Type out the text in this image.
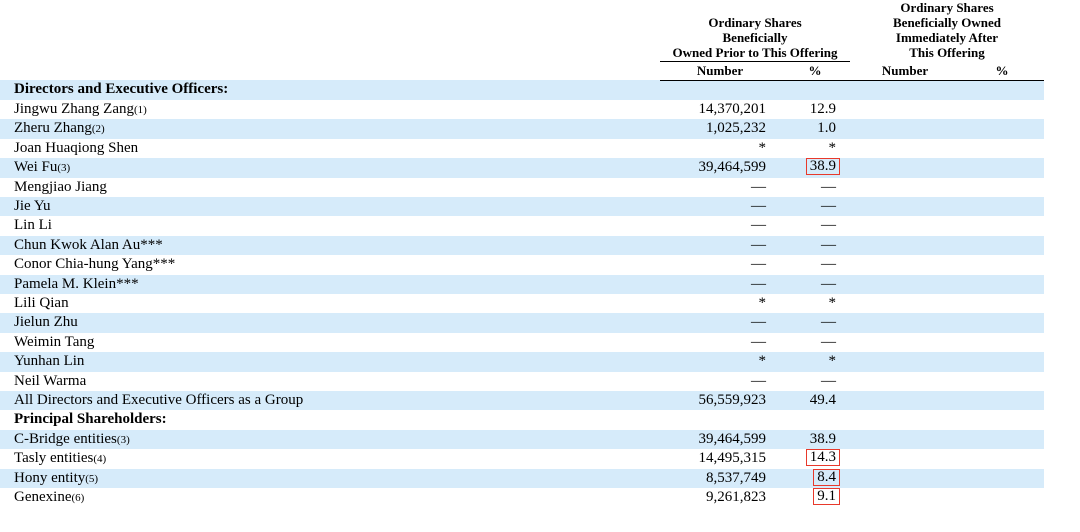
Ordinary Shares
Beneficially
Owned Prior to This Offering

Ordinary Shares
Beneficially Owned
Immediately After
This Offering

	Number	%	Number	%
Directors and Executive Officers:				
Jingwu Zhang Zang(1)	14,370,201	12.9		
Zheru Zhang(2)	1,025,232	1.0		
Joan Huaqiong Shen	*	*		
Wei Fu(3)	39,464,599	38.9		
Mengjiao Jiang	—	—		
Jie Yu	—	—		
Lin Li	—	—		
Chun Kwok Alan Au***	—	—		
Conor Chia-hung Yang***	—	—		
Pamela M. Klein***	—	—		
Lili Qian	*	*		
Jielun Zhu	—	—		
Weimin Tang	—	—		
Yunhan Lin	*	*		
Neil Warma	—	—		
All Directors and Executive Officers as a Group	56,559,923	49.4		
Principal Shareholders:				
C-Bridge entities(3)	39,464,599	38.9		
Tasly entities(4)	14,495,315	14.3		
Hony entity(5)	8,537,749	8.4		
Genexine(6)	9,261,823	9.1		
